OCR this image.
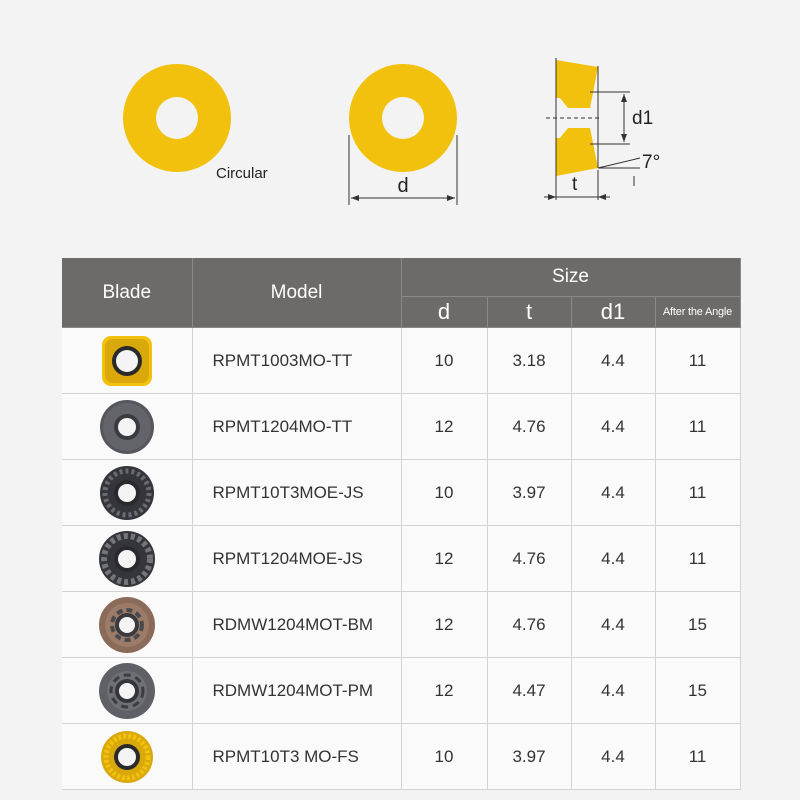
d
d1
7°
t
Circular
Blade	Model	Size			
		d	t	d1	After the Angle

	RPMT1003MO-TT	10	3.18	4.4	11

	RPMT1204MO-TT	12	4.76	4.4	11

	RPMT10T3MOE-JS	10	3.97	4.4	11

	RPMT1204MOE-JS	12	4.76	4.4	11

	RDMW1204MOT-BM	12	4.76	4.4	15

	RDMW1204MOT-PM	12	4.47	4.4	15

	RPMT10T3 MO-FS	10	3.97	4.4	11
